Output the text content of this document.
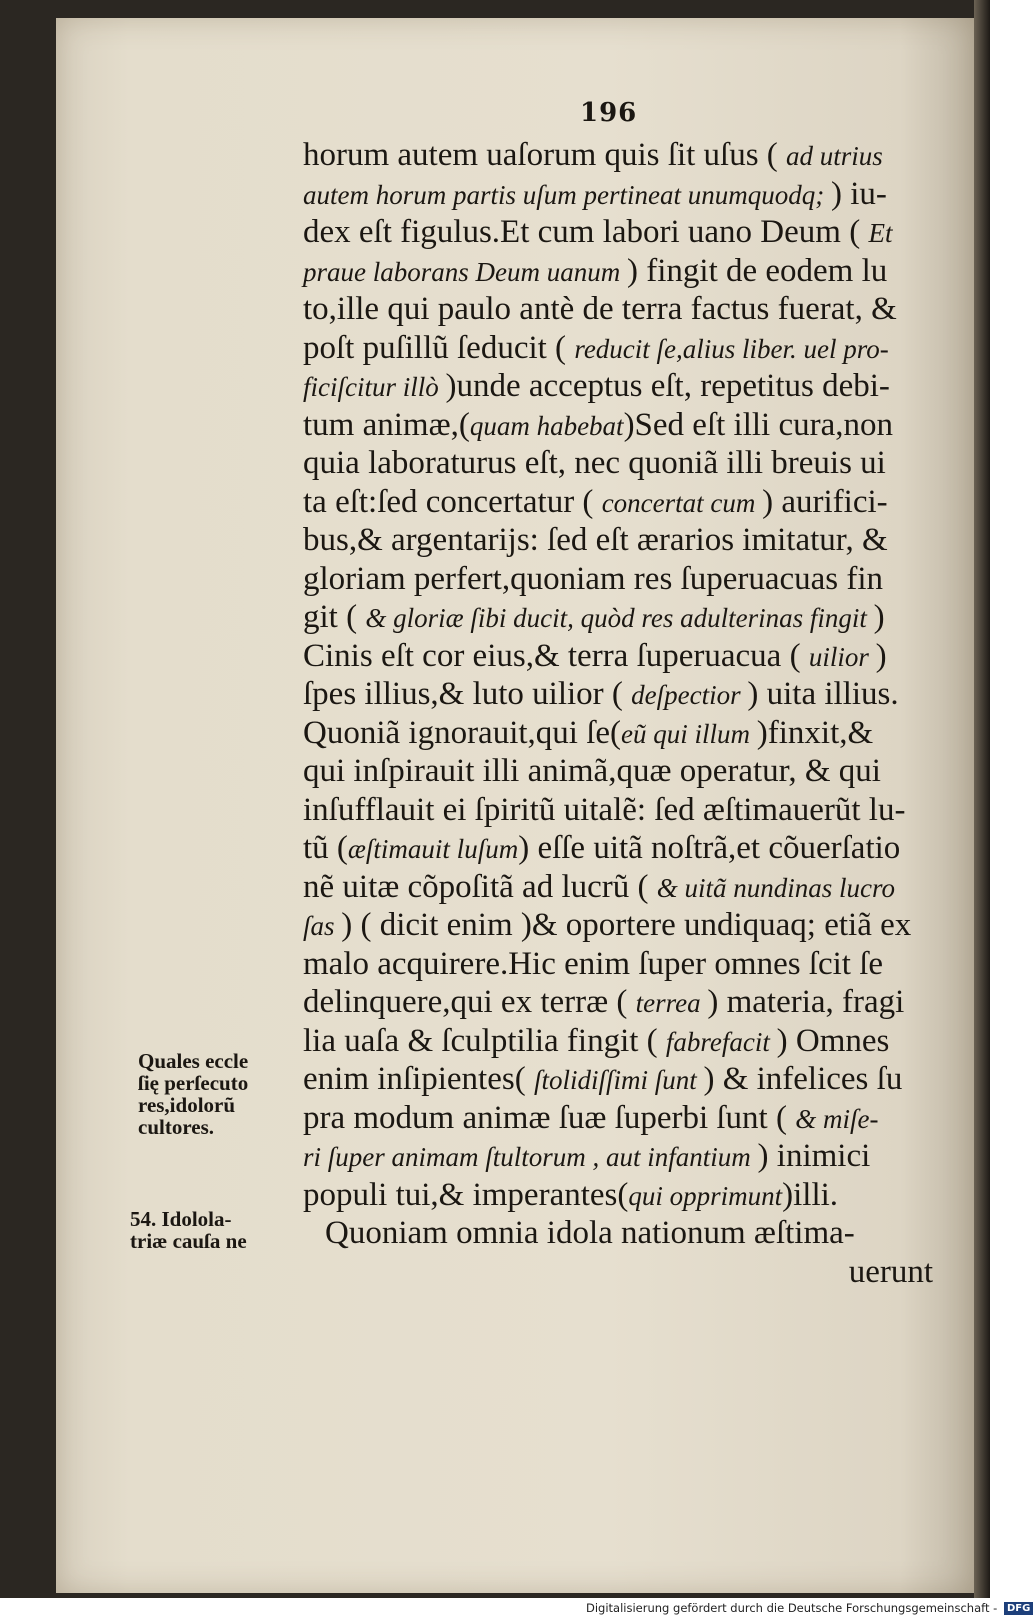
196
horum autem uaſorum quis ſit uſus ( ad utrius
autem horum partis uſum pertineat unumquodq; ) iu-
dex eſt figulus.Et cum labori uano Deum ( Et
praue laborans Deum uanum ) fingit de eodem lu
to,ille qui paulo antè de terra factus fuerat, &
poſt puſillũ ſeducit ( reducit ſe,alius liber. uel pro-
ficiſcitur illò )unde acceptus eſt, repetitus debi-
tum animæ,(quam habebat)Sed eſt illi cura,non
quia laboraturus eſt, nec quoniã illi breuis ui
ta eſt:ſed concertatur ( concertat cum ) aurifici-
bus,& argentarijs: ſed eſt ærarios imitatur, &
gloriam perfert,quoniam res ſuperuacuas fin
git ( & gloriæ ſibi ducit, quòd res adulterinas fingit )
Cinis eſt cor eius,& terra ſuperuacua ( uilior )
ſpes illius,& luto uilior ( deſpectior ) uita illius.
Quoniã ignorauit,qui ſe(eũ qui illum )finxit,&
qui inſpirauit illi animã,quæ operatur, & qui
inſufflauit ei ſpiritũ uitalẽ: ſed æſtimauerũt lu-
tũ (æſtimauit luſum) eſſe uitã noſtrã,et cõuerſatio
nẽ uitæ cõpoſitã ad lucrũ ( & uitã nundinas lucro
ſas ) ( dicit enim )& oportere undiquaq; etiã ex
malo acquirere.Hic enim ſuper omnes ſcit ſe
delinquere,qui ex terræ ( terrea ) materia, fragi
lia uaſa & ſculptilia fingit ( fabrefacit ) Omnes
enim inſipientes( ſtolidiſſimi ſunt ) & infelices ſu
pra modum animæ ſuæ ſuperbi ſunt ( & miſe-
ri ſuper animam ſtultorum , aut infantium ) inimici
populi tui,& imperantes(qui opprimunt)illi.
Quoniam omnia idola nationum æſtima-
uerunt
Quales eccle
ſię perſecuto
res,idolorũ
cultores.
54. Idolola-
triæ cauſa ne
Digitalisierung gefördert durch die Deutsche Forschungsgemeinschaft - DFG
